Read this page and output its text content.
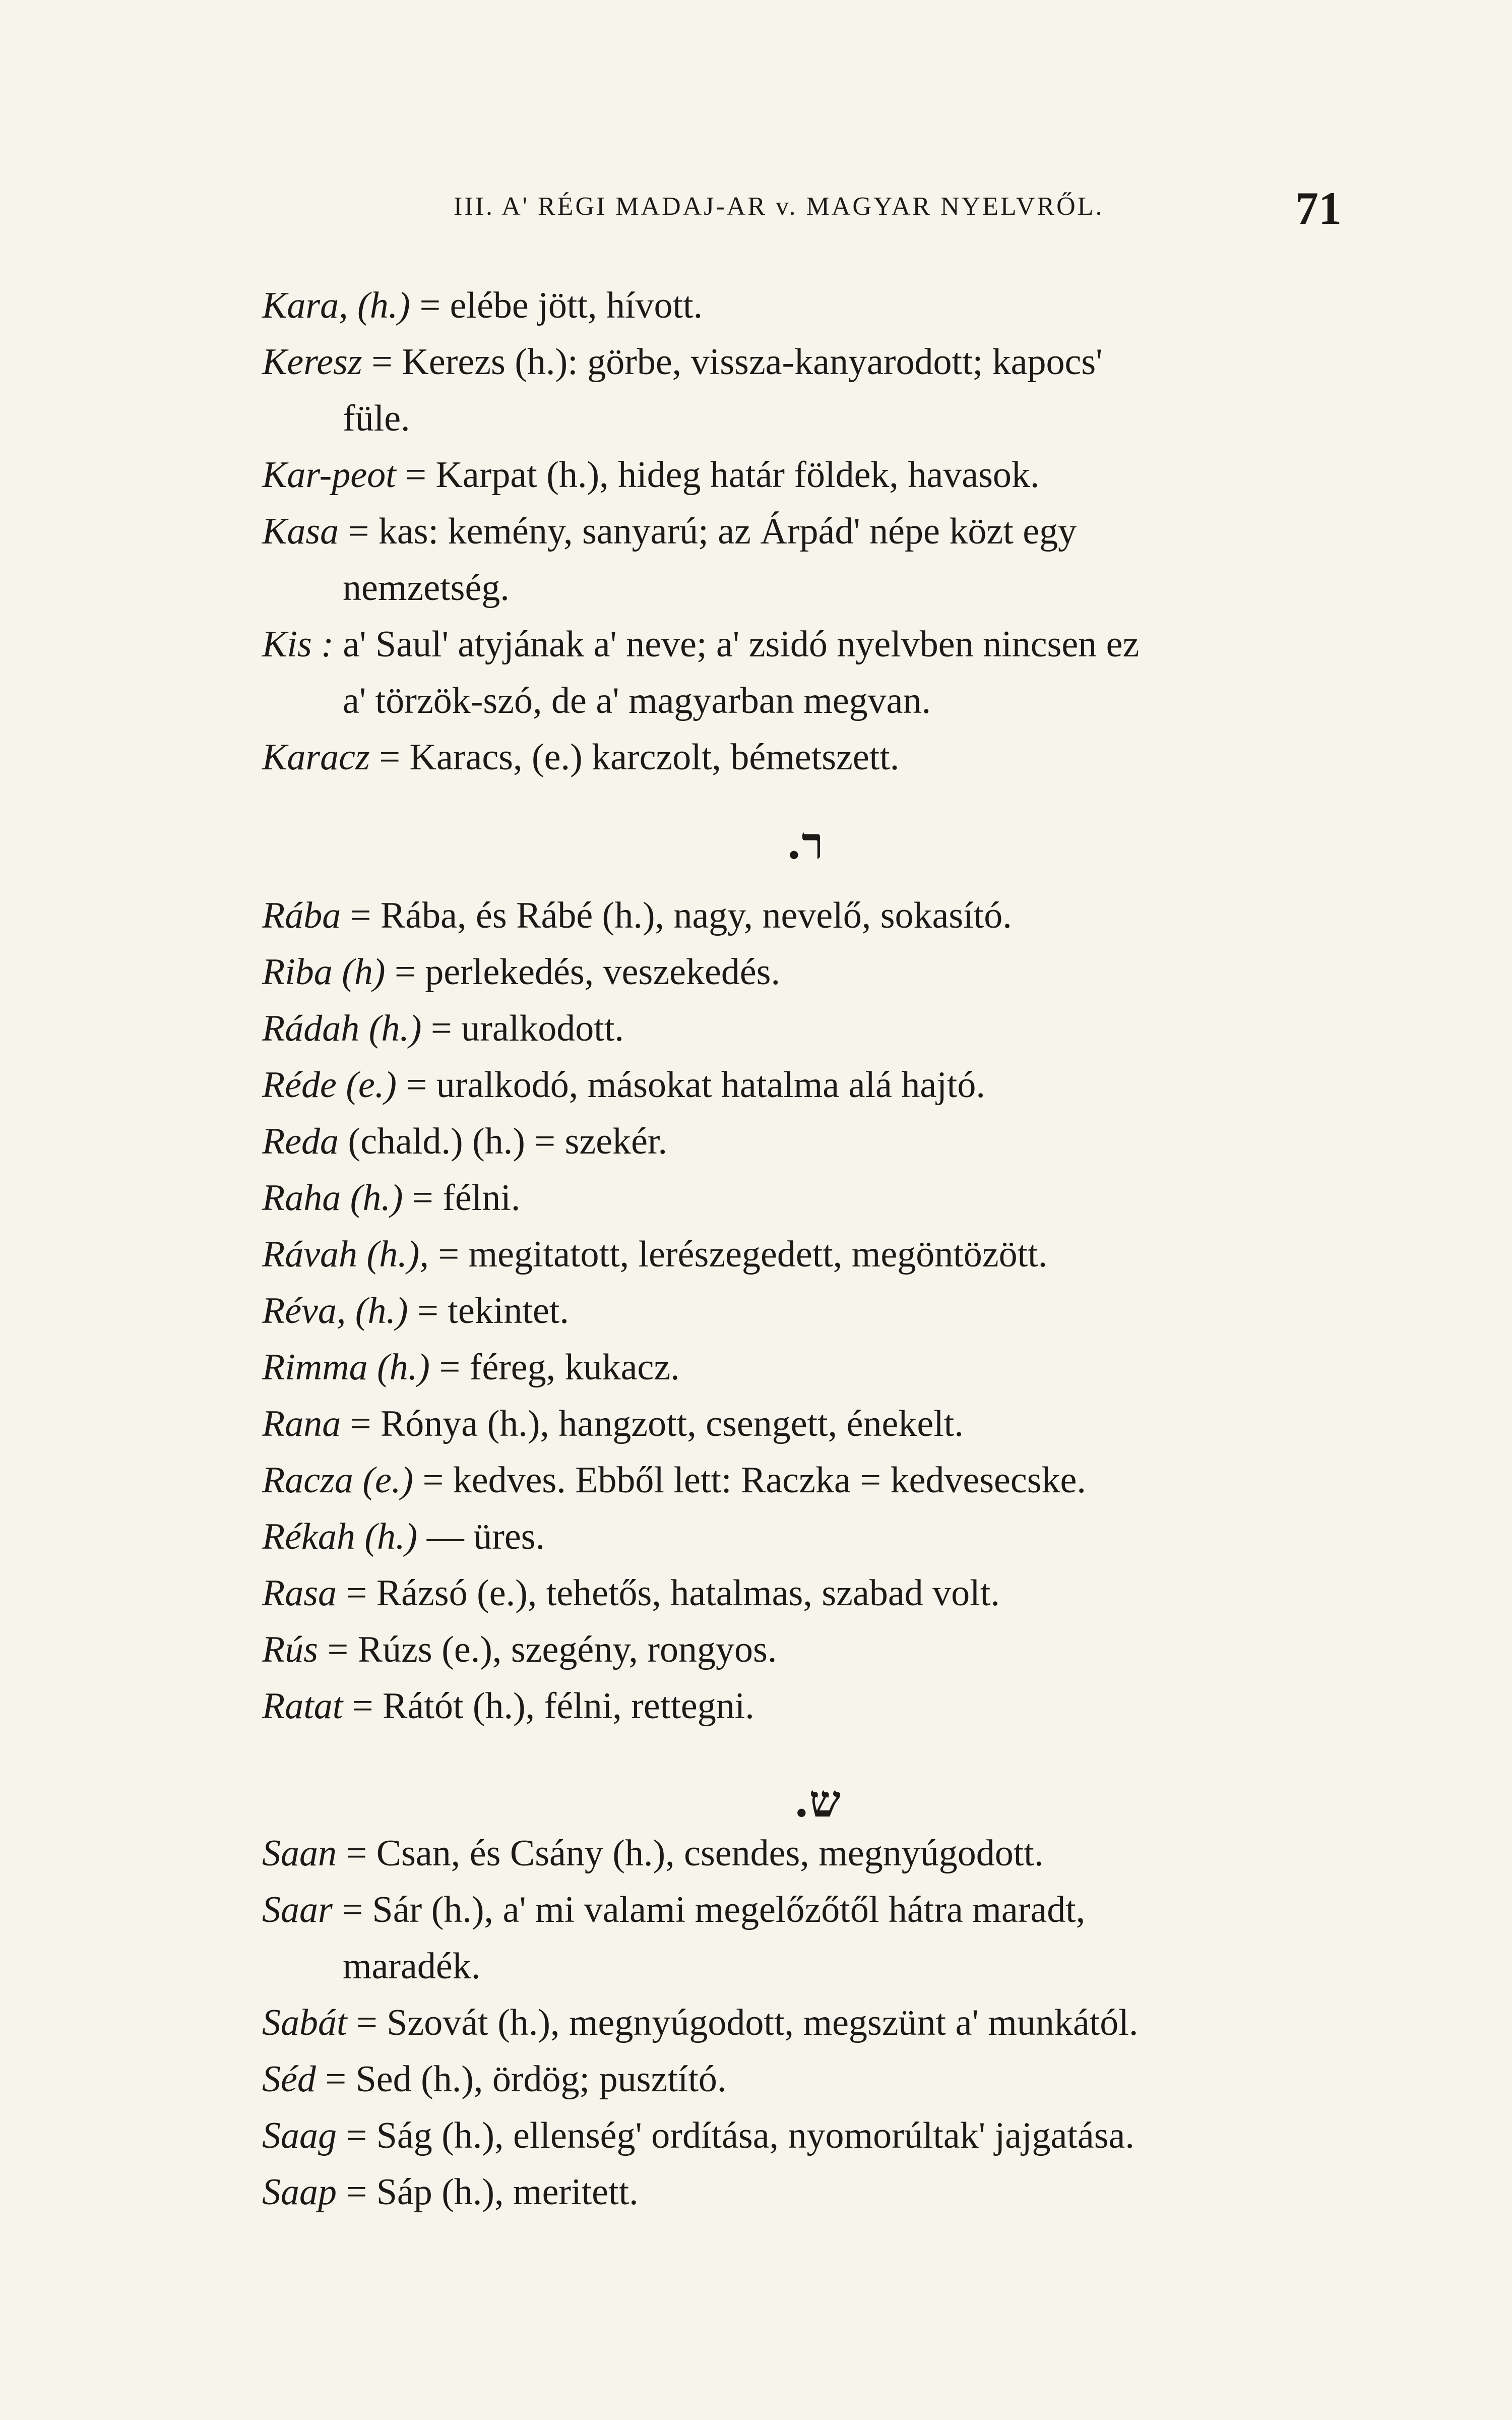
III. A' RÉGI MADAJ-AR v. MAGYAR NYELVRŐL.	71
Kara, (h.) = elébe jött, hívott.
Keresz = Kerezs (h.): görbe, vissza-kanyarodott; kapocs'
füle.
Kar-peot = Karpat (h.), hideg határ földek, havasok.
Kasa = kas: kemény, sanyarú; az Árpád' népe közt egy
nemzetség.
Kis : a' Saul' atyjának a' neve; a' zsidó nyelvben nincsen ez
a' törzök-szó, de a' magyarban megvan.
Karacz = Karacs, (e.) karczolt, bémetszett.
ר.
Rába = Rába, és Rábé (h.), nagy, nevelő, sokasító.
Riba (h) = perlekedés, veszekedés.
Rádah (h.) = uralkodott.
Réde (e.) = uralkodó, másokat hatalma alá hajtó.
Reda (chald.) (h.) = szekér.
Raha (h.) = félni.
Rávah (h.), = megitatott, lerészegedett, megöntözött.
Réva, (h.) = tekintet.
Rimma (h.) = féreg, kukacz.
Rana = Rónya (h.), hangzott, csengett, énekelt.
Racza (e.) = kedves. Ebből lett: Raczka = kedvesecske.
Rékah (h.) — üres.
Rasa = Rázsó (e.), tehetős, hatalmas, szabad volt.
Rús = Rúzs (e.), szegény, rongyos.
Ratat = Rátót (h.), félni, rettegni.
ש.
Saan = Csan, és Csány (h.), csendes, megnyúgodott.
Saar = Sár (h.), a' mi valami megelőzőtől hátra maradt,
maradék.
Sabát = Szovát (h.), megnyúgodott, megszünt a' munkától.
Séd = Sed (h.), ördög; pusztító.
Saag = Ság (h.), ellenség' ordítása, nyomorúltak' jajgatása.
Saap = Sáp (h.), meritett.
